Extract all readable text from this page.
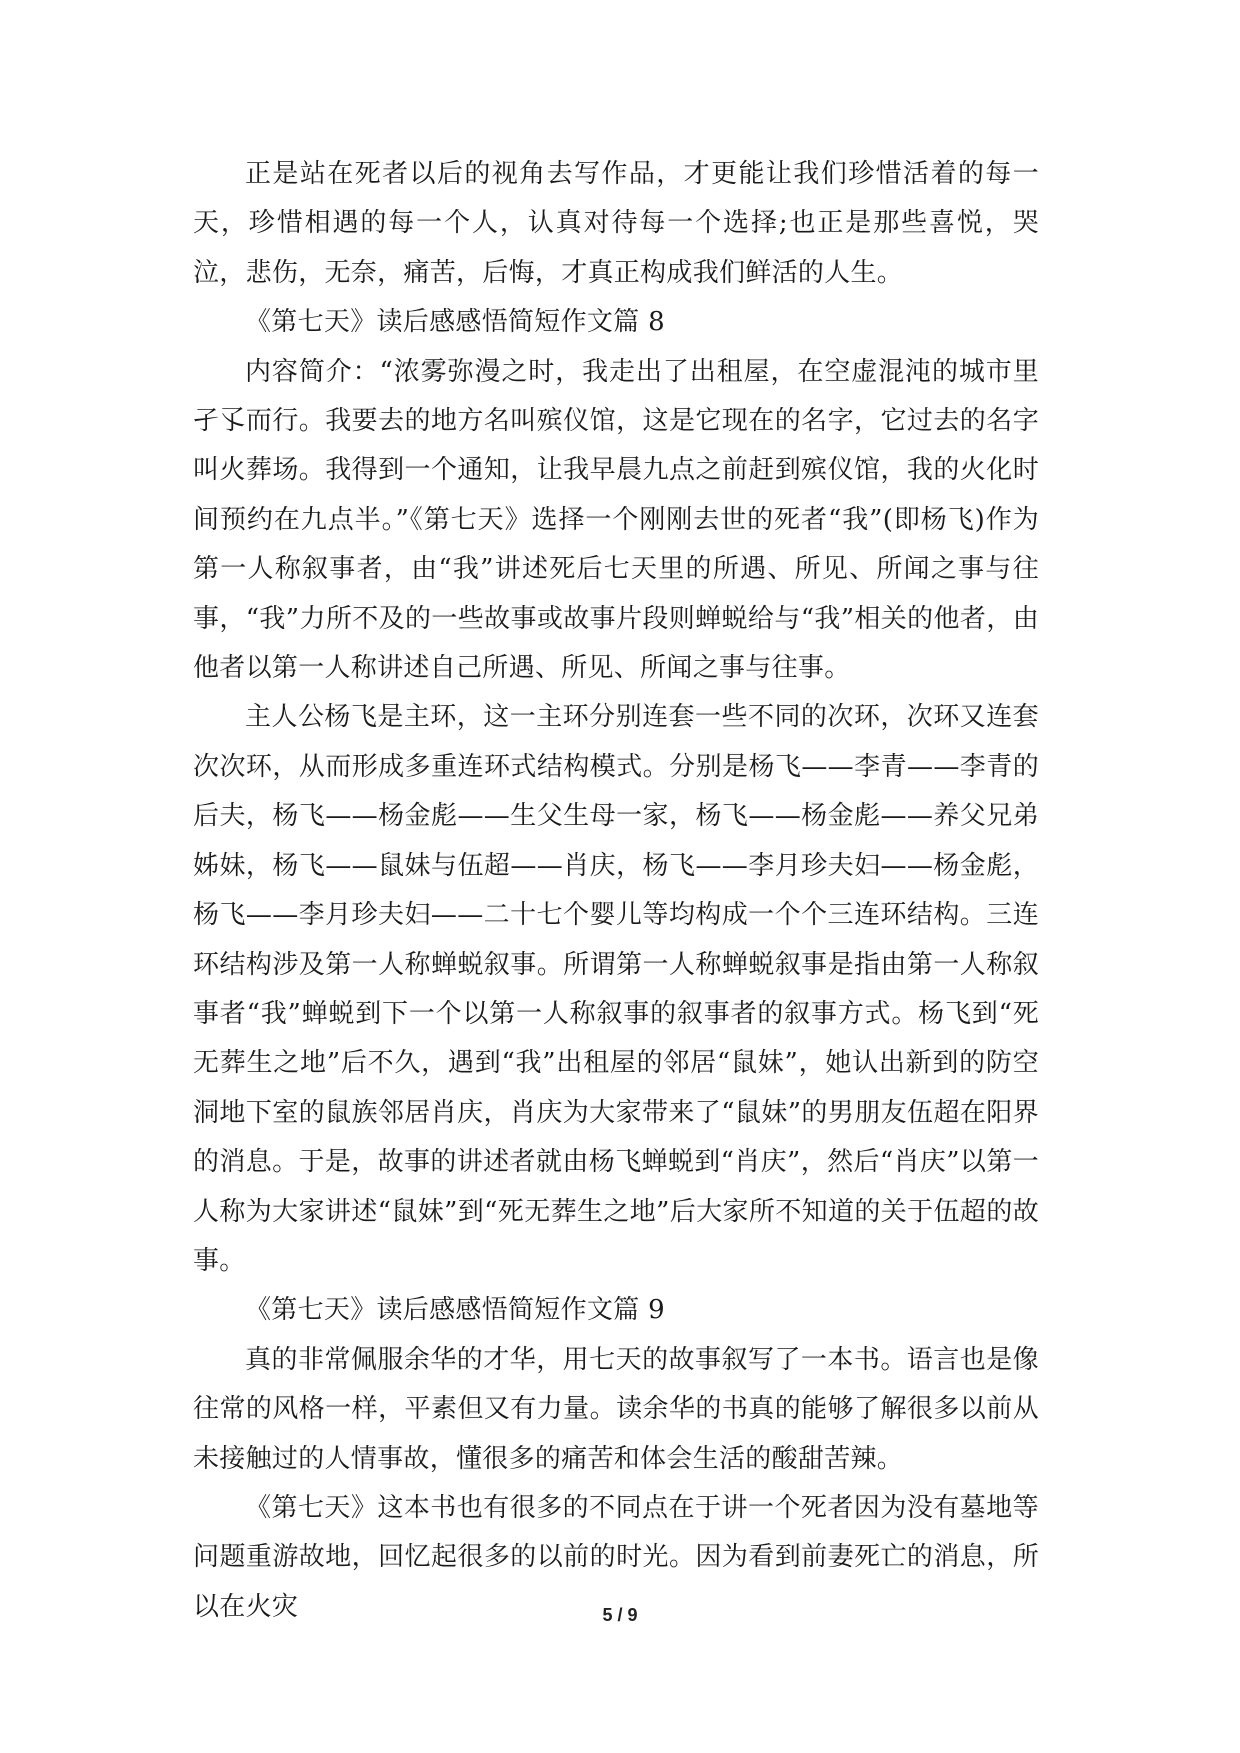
正是站在死者以后的视角去写作品，才更能让我们珍惜活着的每一天，珍惜相遇的每一个人，认真对待每一个选择;也正是那些喜悦，哭泣，悲伤，无奈，痛苦，后悔，才真正构成我们鲜活的人生。

《第七天》读后感感悟简短作文篇 8

内容简介：“浓雾弥漫之时，我走出了出租屋，在空虚混沌的城市里孑孓而行。我要去的地方名叫殡仪馆，这是它现在的名字，它过去的名字叫火葬场。我得到一个通知，让我早晨九点之前赶到殡仪馆，我的火化时间预约在九点半。”《第七天》选择一个刚刚去世的死者“我”(即杨飞)作为第一人称叙事者，由“我”讲述死后七天里的所遇、所见、所闻之事与往事，“我”力所不及的一些故事或故事片段则蝉蜕给与“我”相关的他者，由他者以第一人称讲述自己所遇、所见、所闻之事与往事。

主人公杨飞是主环，这一主环分别连套一些不同的次环，次环又连套次次环，从而形成多重连环式结构模式。分别是杨飞——李青——李青的后夫，杨飞——杨金彪——生父生母一家，杨飞——杨金彪——养父兄弟姊妹，杨飞——鼠妹与伍超——肖庆，杨飞——李月珍夫妇——杨金彪，杨飞——李月珍夫妇——二十七个婴儿等均构成一个个三连环结构。三连环结构涉及第一人称蝉蜕叙事。所谓第一人称蝉蜕叙事是指由第一人称叙事者“我”蝉蜕到下一个以第一人称叙事的叙事者的叙事方式。杨飞到“死无葬生之地”后不久，遇到“我”出租屋的邻居“鼠妹”，她认出新到的防空洞地下室的鼠族邻居肖庆，肖庆为大家带来了“鼠妹”的男朋友伍超在阳界的消息。于是，故事的讲述者就由杨飞蝉蜕到“肖庆”，然后“肖庆”以第一人称为大家讲述“鼠妹”到“死无葬生之地”后大家所不知道的关于伍超的故事。

《第七天》读后感感悟简短作文篇 9

真的非常佩服余华的才华，用七天的故事叙写了一本书。语言也是像往常的风格一样，平素但又有力量。读余华的书真的能够了解很多以前从未接触过的人情事故，懂很多的痛苦和体会生活的酸甜苦辣。

《第七天》这本书也有很多的不同点在于讲一个死者因为没有墓地等问题重游故地，回忆起很多的以前的时光。因为看到前妻死亡的消息，所以在火灾	5 / 9
